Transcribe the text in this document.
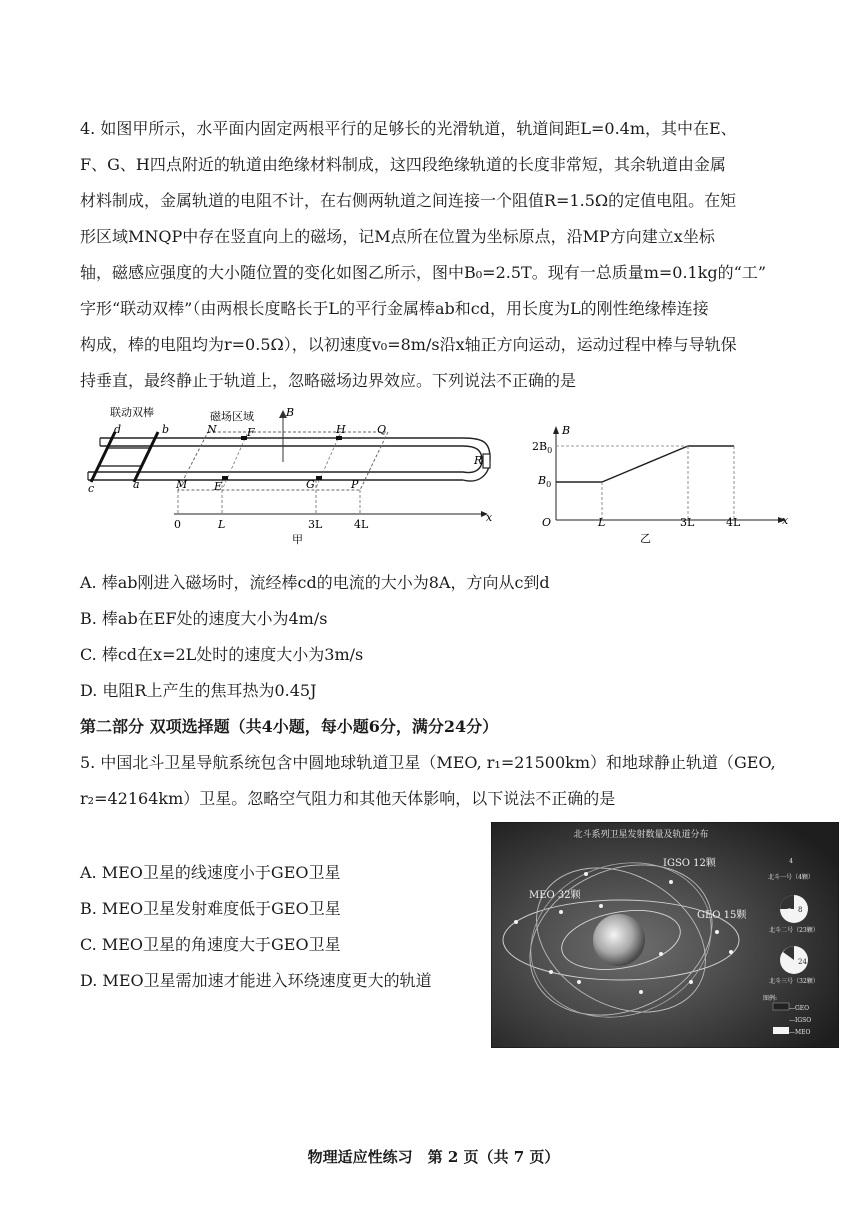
4. 如图甲所示，水平面内固定两根平行的足够长的光滑轨道，轨道间距L=0.4m，其中在E、
F、G、H四点附近的轨道由绝缘材料制成，这四段绝缘轨道的长度非常短，其余轨道由金属
材料制成，金属轨道的电阻不计，在右侧两轨道之间连接一个阻值R=1.5Ω的定值电阻。在矩
形区域MNQP中存在竖直向上的磁场，记M点所在位置为坐标原点，沿MP方向建立x坐标
轴，磁感应强度的大小随位置的变化如图乙所示，图中B₀=2.5T。现有一总质量m=0.1kg的“工”
字形“联动双棒”（由两根长度略长于L的平行金属棒ab和cd，用长度为L的刚性绝缘棒连接
构成，棒的电阻均为r=0.5Ω），以初速度v₀=8m/s沿x轴正方向运动，运动过程中棒与导轨保
持垂直，最终静止于轨道上，忽略磁场边界效应。下列说法不正确的是
联动双棒	磁场区域	B
d	b	N	F	H	Q
c	a	M E	G	P
R
x
0	L	3L	4L
甲
B
$2B_0$
$B_0$
O	L	3L	4L	x
乙
A. 棒ab刚进入磁场时，流经棒cd的电流的大小为8A，方向从c到d
B. 棒ab在EF处的速度大小为4m/s
C. 棒cd在x=2L处时的速度大小为3m/s
D. 电阻R上产生的焦耳热为0.45J
第二部分 双项选择题（共4小题，每小题6分，满分24分）
5. 中国北斗卫星导航系统包含中圆地球轨道卫星（MEO, r₁=21500km）和地球静止轨道（GEO,
r₂=42164km）卫星。忽略空气阻力和其他天体影响，以下说法不正确的是
A. MEO卫星的线速度小于GEO卫星
B. MEO卫星发射难度低于GEO卫星
C. MEO卫星的角速度大于GEO卫星
D. MEO卫星需加速才能进入环绕速度更大的轨道
北斗系列卫星发射数量及轨道分布
IGSO 12颗
MEO 32颗
GEO 15颗
4
北斗一号（4颗）
7 8
北斗二号（23颗）
24
北斗三号（32颗）
图例:
—GEO
—IGSO
—MEO
物理适应性练习　第 2 页（共 7 页）
